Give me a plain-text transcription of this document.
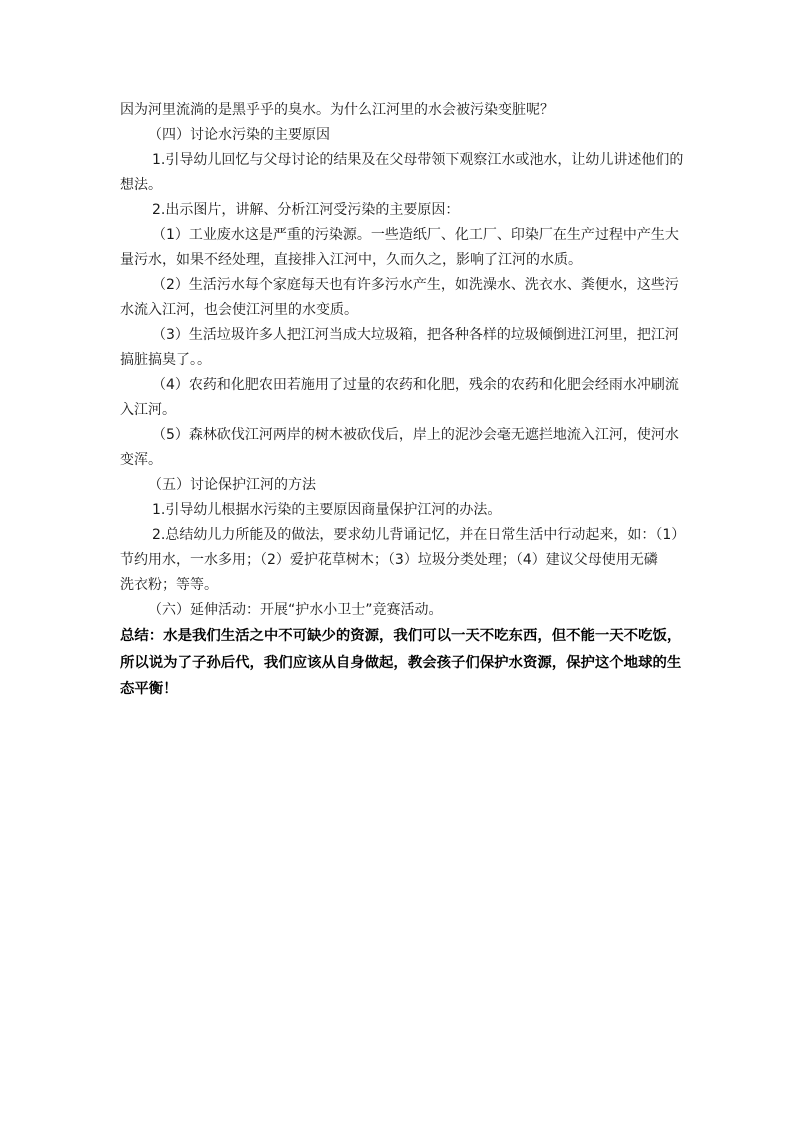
因为河里流淌的是黑乎乎的臭水。为什么江河里的水会被污染变脏呢？

（四）讨论水污染的主要原因

1.引导幼儿回忆与父母讨论的结果及在父母带领下观察江水或池水，让幼儿讲述他们的

想法。

2.出示图片，讲解、分析江河受污染的主要原因：

（1）工业废水这是严重的污染源。一些造纸厂、化工厂、印染厂在生产过程中产生大

量污水，如果不经处理，直接排入江河中，久而久之，影响了江河的水质。

（2）生活污水每个家庭每天也有许多污水产生，如洗澡水、洗衣水、粪便水，这些污

水流入江河，也会使江河里的水变质。

（3）生活垃圾许多人把江河当成大垃圾箱，把各种各样的垃圾倾倒进江河里，把江河

搞脏搞臭了。。

（4）农药和化肥农田若施用了过量的农药和化肥，残余的农药和化肥会经雨水冲刷流

入江河。

（5）森林砍伐江河两岸的树木被砍伐后，岸上的泥沙会毫无遮拦地流入江河，使河水

变浑。

（五）讨论保护江河的方法

1.引导幼儿根据水污染的主要原因商量保护江河的办法。

2.总结幼儿力所能及的做法，要求幼儿背诵记忆，并在日常生活中行动起来，如：（1）

节约用水，一水多用；（2）爱护花草树木；（3）垃圾分类处理；（4）建议父母使用无磷

洗衣粉；等等。

（六）延伸活动：开展“护水小卫士”竞赛活动。

总结：水是我们生活之中不可缺少的资源，我们可以一天不吃东西，但不能一天不吃饭，

所以说为了子孙后代，我们应该从自身做起，教会孩子们保护水资源，保护这个地球的生

态平衡！
